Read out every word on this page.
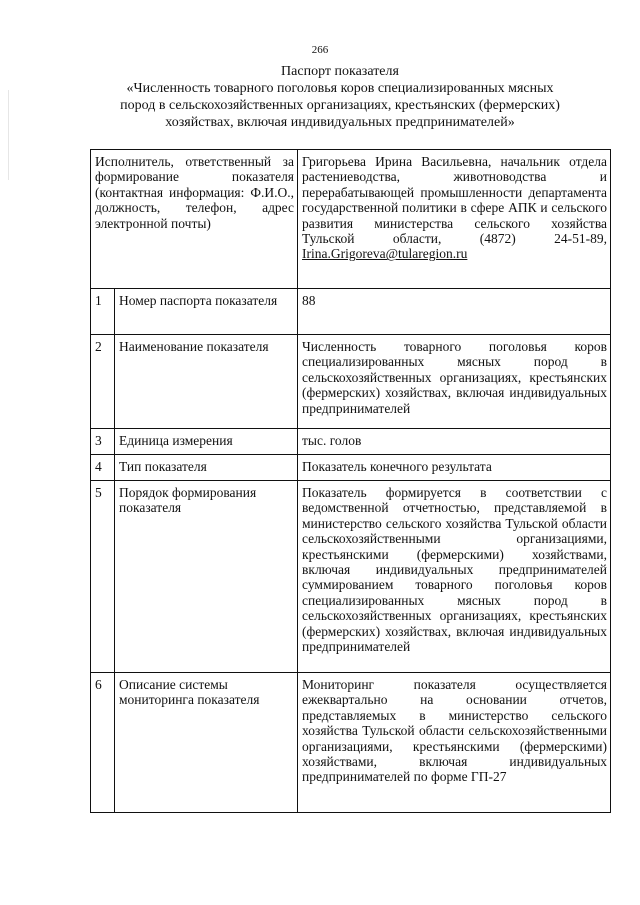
266
Паспорт показателя
«Численность товарного поголовья коров специализированных мясных
пород в сельскохозяйственных организациях, крестьянских (фермерских)
хозяйствах, включая индивидуальных предпринимателей»
Исполнитель, ответственный за формирование показателя (контактная информация: Ф.И.О., должность, телефон, адрес электронной почты)		Григорьева Ирина Васильевна, начальник отдела растениеводства, животноводства и перерабатывающей промышленности департамента государственной политики в сфере АПК и сельского развития министерства сельского хозяйства Тульской области, (4872) 24-51-89, Irina.Grigoreva@tularegion.ru
1	Номер паспорта показателя	88
2	Наименование показателя	Численность товарного поголовья коров специализированных мясных пород в сельскохозяйственных организациях, крестьянских (фермерских) хозяйствах, включая индивидуальных предпринимателей
3	Единица измерения	тыс. голов
4	Тип показателя	Показатель конечного результата
5	Порядок формирования показателя	Показатель формируется в соответствии с ведомственной отчетностью, представляемой в министерство сельского хозяйства Тульской области сельскохозяйственными организациями, крестьянскими (фермерскими) хозяйствами, включая индивидуальных предпринимателей суммированием товарного поголовья коров специализированных мясных пород в сельскохозяйственных организациях, крестьянских (фермерских) хозяйствах, включая индивидуальных предпринимателей
6	Описание системы мониторинга показателя	Мониторинг показателя осуществляется ежеквартально на основании отчетов, представляемых в министерство сельского хозяйства Тульской области сельскохозяйственными организациями, крестьянскими (фермерскими) хозяйствами, включая индивидуальных предпринимателей по форме ГП-27
